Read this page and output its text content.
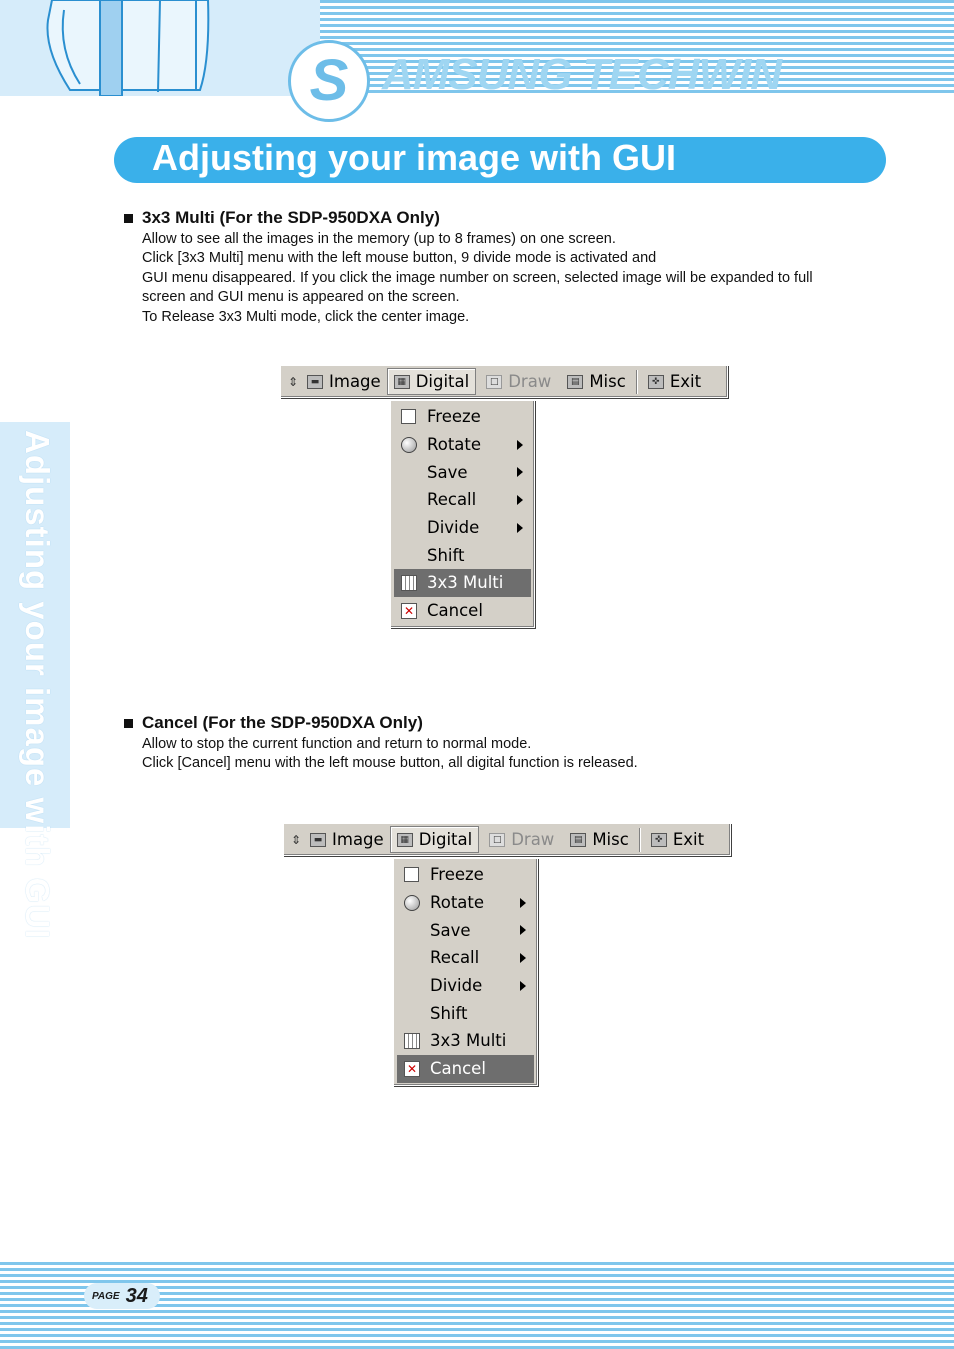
AMSUNG TECHWIN
S
Adjusting your image with GUI
Adjusting your image with GUI
3x3 Multi (For the SDP-950DXA Only)
Allow to see all the images in the memory (up to 8 frames) on one screen.
Click [3x3 Multi] menu with the left mouse button, 9 divide mode is activated and
GUI menu disappeared. If you click the image number on screen, selected image will be expanded to full
screen and GUI menu is appeared on the screen.
To Release 3x3 Multi mode, click the center image.
⇕	▬ Image	▦ Digital	□ Draw	▤ Misc	✜ Exit
Freeze
Rotate
Save
Recall
Divide
Shift
3x3 Multi
✕ Cancel
Cancel (For the SDP-950DXA Only)
Allow to stop the current function and return to normal mode.
Click [Cancel] menu with the left mouse button, all digital function is released.
⇕	▬ Image	▦ Digital	□ Draw	▤ Misc	✜ Exit
Freeze
Rotate
Save
Recall
Divide
Shift
3x3 Multi
✕ Cancel
PAGE 34
